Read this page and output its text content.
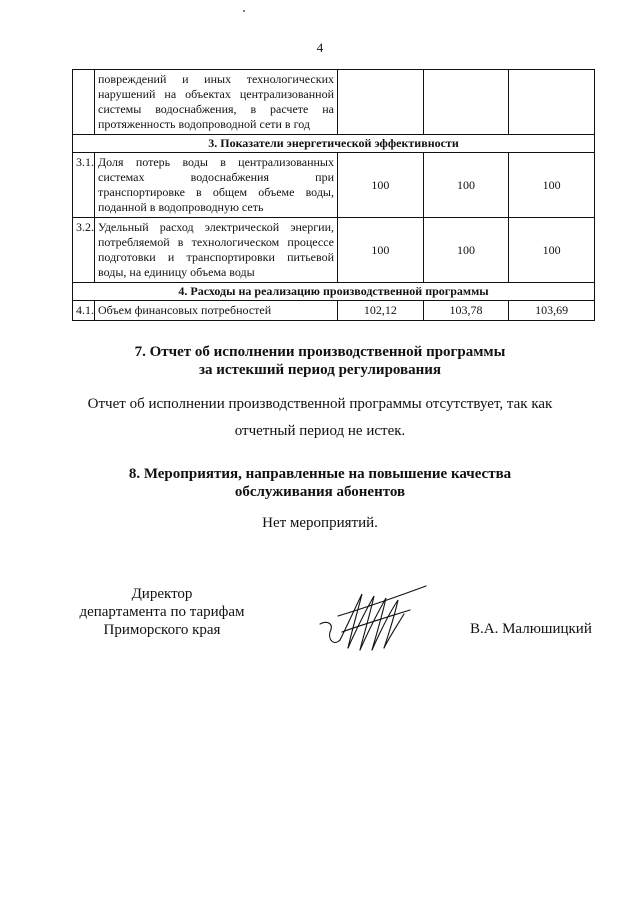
4
	повреждений и иных технологических нарушений на объектах централизованной системы водоснабжения, в расчете на протяженность водопроводной сети в год			
3. Показатели энергетической эффективности				
3.1.	Доля потерь воды в централизованных системах водоснабжения при транспортировке в общем объеме воды, поданной в водопроводную сеть	100	100	100
3.2.	Удельный расход электрической энергии, потребляемой в технологическом процессе подготовки и транспортировки питьевой воды, на единицу объема воды	100	100	100
4. Расходы на реализацию производственной программы				
4.1.	Объем финансовых потребностей	102,12	103,78	103,69
7. Отчет об исполнении производственной программы
за истекший период регулирования
Отчет об исполнении производственной программы отсутствует, так как
отчетный период не истек.
8. Мероприятия, направленные на повышение качества
обслуживания абонентов
Нет мероприятий.
Директор
департамента по тарифам
Приморского края	В.А. Малюшицкий
